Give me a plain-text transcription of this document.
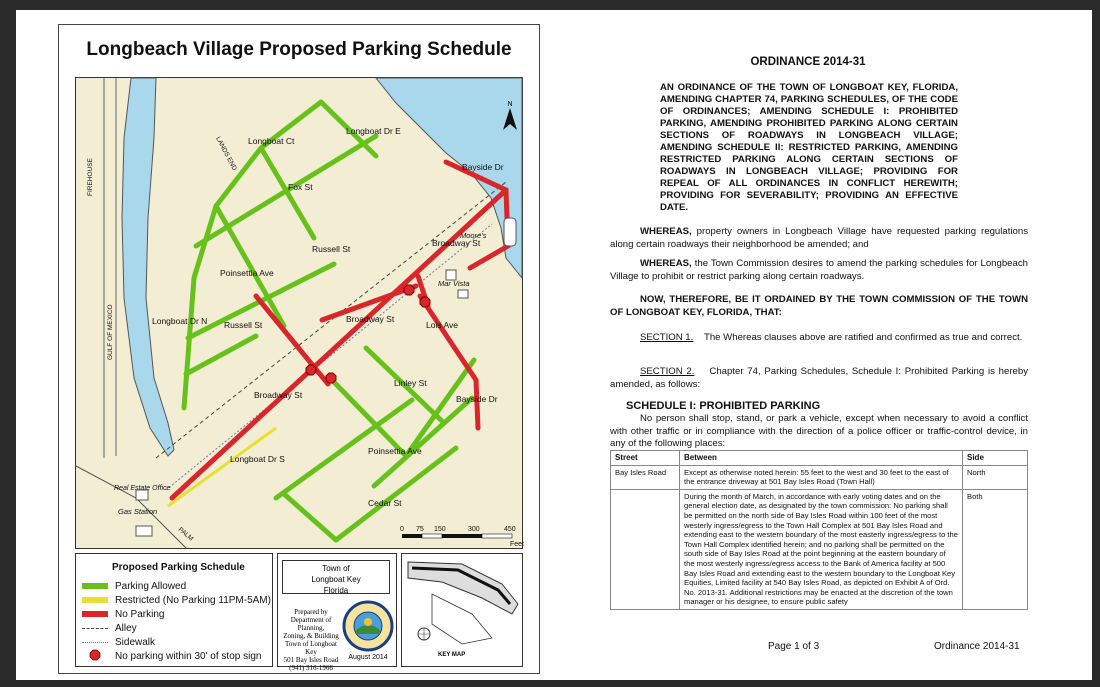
Longbeach Village Proposed Parking Schedule
N
Longboat Dr E
Longboat Ct
Bayside Dr
Fox St
Russell St
Broadway St
Poinsettia Ave
Longboat Dr N Russell St
Broadway St
Lois Ave
Linley St
Broadway St	Bayside Dr
Longboat Dr S
Poinsettia Ave
Cedar St
Moore's
Mar Vista
Gas Station
Real Estate Office
LANDS END
FIREHOUSE
GULF OF MEXICO
PALM	0 75 150	300	450
Feet
Proposed Parking Schedule
Parking Allowed
Restricted (No Parking 11PM-5AM)
No Parking
Alley
Sidewalk
No parking within 30' of stop sign
Town of
Longboat Key
Florida
Prepared by
Department of Planning,
Zoning, & Building
Town of Longboat Key
501 Bay Isles Road
(941) 316-1966
August 2014	KEY MAP
ORDINANCE 2014-31
AN ORDINANCE OF THE TOWN OF LONGBOAT KEY, FLORIDA, AMENDING CHAPTER 74, PARKING SCHEDULES, OF THE CODE OF ORDINANCES; AMENDING SCHEDULE I: PROHIBITED PARKING, AMENDING PROHIBITED PARKING ALONG CERTAIN SECTIONS OF ROADWAYS IN LONGBEACH VILLAGE; AMENDING SCHEDULE II: RESTRICTED PARKING, AMENDING RESTRICTED PARKING ALONG CERTAIN SECTIONS OF ROADWAYS IN LONGBEACH VILLAGE; PROVIDING FOR REPEAL OF ALL ORDINANCES IN CONFLICT HEREWITH; PROVIDING FOR SEVERABILITY; PROVIDING AN EFFECTIVE DATE.
WHEREAS, property owners in Longbeach Village have requested parking regulations along certain roadways their neighborhood be amended; and
WHEREAS, the Town Commission desires to amend the parking schedules for Longbeach Village to prohibit or restrict parking along certain roadways.
NOW, THEREFORE, BE IT ORDAINED BY THE TOWN COMMISSION OF THE TOWN OF LONGBOAT KEY, FLORIDA, THAT:
SECTION 1. The Whereas clauses above are ratified and confirmed as true and correct.
SECTION 2. Chapter 74, Parking Schedules, Schedule I: Prohibited Parking is hereby amended, as follows:
SCHEDULE I: PROHIBITED PARKING
No person shall stop, stand, or park a vehicle, except when necessary to avoid a conflict with other traffic or in compliance with the direction of a police officer or traffic-control device, in any of the following places:
Street	Between	Side
Bay Isles Road	Except as otherwise noted herein: 55 feet to the west and 30 feet to the east of the entrance driveway at 501 Bay Isles Road (Town Hall)	North
	During the month of March, in accordance with early voting dates and on the general election date, as designated by the town commission: No parking shall be permitted on the north side of Bay Isles Road within 100 feet of the most westerly ingress/egress to the Town Hall Complex at 501 Bay Isles Road and extending east to the western boundary of the most easterly ingress/egress to the Town Hall Complex identified herein; and no parking shall be permitted on the south side of Bay Isles Road at the point beginning at the eastern boundary of the most westerly ingress/egress access to the Bank of America facility at 500 Bay Isles Road and extending east to the western boundary to the Longboat Key Equities, Limited facility at 540 Bay Isles Road, as depicted on Exhibit A of Ord. No. 2013-31. Additional restrictions may be enacted at the discretion of the town manager or his designee, to ensure public safety	Both
Page 1 of 3	Ordinance 2014-31
